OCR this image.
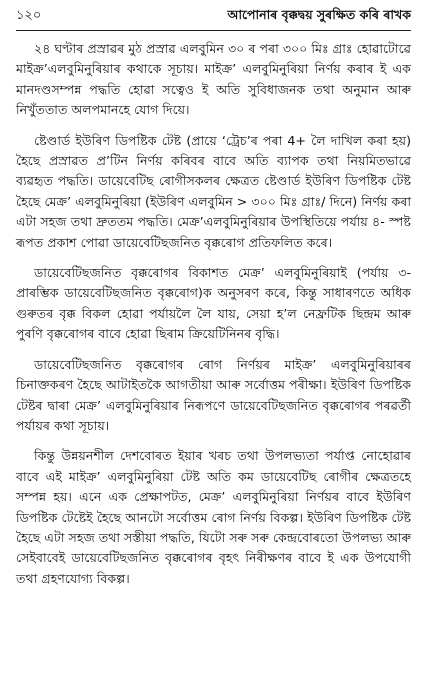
১২০	আপোনাৰ বৃক্কদ্বয় সুৰক্ষিত কৰি ৰাখক

২৪ ঘণ্টাৰ প্ৰস্ৰাৱৰ মুঠ প্ৰস্ৰাৱ এলবুমিন ৩০ ৰ পৰা ৩০০ মিঃ গ্ৰাঃ হোৱাটোৱে মাইক্ৰ’এলবুমিনুৰিয়াৰ কথাকে সূচায়। মাইক্ৰ’ এলবুমিনুৰিয়া নিৰ্ণয় কৰাৰ ই এক মানদণ্ডসম্পন্ন পদ্ধতি হোৱা সত্বেও ই অতি সুবিধাজনক তথা অনুমান আৰু নিখুঁততাত অলপমানহে যোগ দিয়ে।

ষ্টেণ্ডাৰ্ড ইউৰিণ ডিপষ্টিক টেষ্ট (প্ৰায়ে ‘ট্ৰেচ’ৰ পৰা 4+ লৈ দাখিল কৰা হয়) হৈছে প্ৰস্ৰাৱত প্ৰ’টিন নিৰ্ণয় কৰিবৰ বাবে অতি ব্যাপক তথা নিয়মিতভাৱে ব্যৱহৃত পদ্ধতি। ডায়েবেটিছ ৰোগীসকলৰ ক্ষেত্ৰত ষ্টেণ্ডাৰ্ড ইউৰিণ ডিপষ্টিক টেষ্ট হৈছে মেক্ৰ’ এলবুমিনুৰিয়া (ইউৰিণ এলবুমিন > ৩০০ মিঃ গ্ৰাঃ/ দিনে) নিৰ্ণয় কৰা এটা সহজ তথা দ্ৰুততম পদ্ধতি। মেক্ৰ’এলবুমিনুৰিয়াৰ উপস্থিতিয়ে পৰ্যায় ৪- স্পষ্ট ৰূপত প্ৰকাশ পোৱা ডায়েবেটিছজনিত বৃক্কৰোগ প্ৰতিফলিত কৰে।

ডায়েবেটিছজনিত বৃক্কৰোগৰ বিকাশত মেক্ৰ’ এলবুমিনুৰিয়াই (পৰ্যায় ৩-প্ৰাৰম্ভিক ডায়েবেটিছজনিত বৃক্কৰোগ)ক অনুসৰণ কৰে, কিন্তু সাধাৰণতে অধিক গুৰুতৰ বৃক্ক বিকল হোৱা পৰ্যায়লৈ লৈ যায়, সেয়া হ’ল নেফ্ৰটিক ছিন্দ্ৰম আৰু পুৰণি বৃক্কৰোগৰ বাবে হোৱা ছিৰাম ক্ৰিয়েটিনিনৰ বৃদ্ধি।

ডায়েবেটিছজনিত বৃক্কৰোগৰ ৰোগ নিৰ্ণয়ৰ মাইক্ৰ’ এলবুমিনুৰিয়াৰৰ চিনাক্তকৰণ হৈছে আটাইতকৈ আগতীয়া আৰু সৰ্বোত্তম পৰীক্ষা। ইউৰিণ ডিপষ্টিক টেষ্টৰ দ্বাৰা মেক্ৰ’ এলবুমিনুৰিয়াৰ নিৰূপণে ডায়েবেটিছজনিত বৃক্কৰোগৰ পৰৱৰ্তী পৰ্যায়ৰ কথা সূচায়।

কিন্তু উন্নয়নশীল দেশবোৰত ইয়াৰ খৰচ তথা উপলভ্যতা পৰ্যাপ্ত নোহোৱাৰ বাবে এই মাইক্ৰ’ এলবুমিনুৰিয়া টেষ্ট অতি কম ডায়েবেটিছ ৰোগীৰ ক্ষেত্ৰতহে সম্পন্ন হয়। এনে এক প্ৰেক্ষাপটত, মেক্ৰ’ এলবুমিনুৰিয়া নিৰ্ণয়ৰ বাবে ইউৰিণ ডিপষ্টিক টেষ্টেই হৈছে আনটো সৰ্বোত্তম ৰোগ নিৰ্ণয় বিকল্প। ইউৰিণ ডিপষ্টিক টেষ্ট হৈছে এটা সহজ তথা সস্তীয়া পদ্ধতি, যিটো সৰু সৰু কেন্দ্ৰবোৰতো উপলভ্য আৰু সেইবাবেই ডায়েবেটিছজনিত বৃক্কৰোগৰ বৃহৎ নিৰীক্ষণৰ বাবে ই এক উপযোগী তথা গ্ৰহণযোগ্য বিকল্প।
